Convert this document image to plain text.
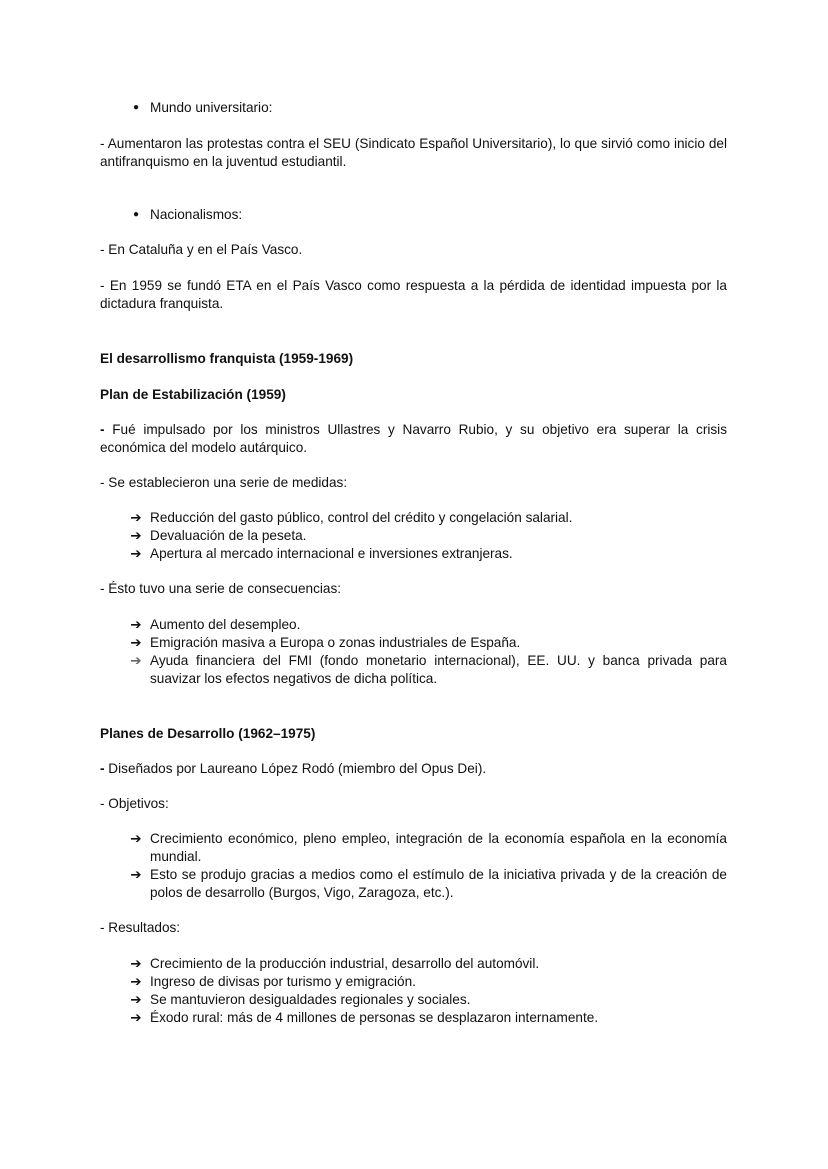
● Mundo universitario:
- Aumentaron las protestas contra el SEU (Sindicato Español Universitario), lo que sirvió como inicio del antifranquismo en la juventud estudiantil.
● Nacionalismos:
- En Cataluña y en el País Vasco.
- En 1959 se fundó ETA en el País Vasco como respuesta a la pérdida de identidad impuesta por la dictadura franquista.
El desarrollismo franquista (1959-1969)
Plan de Estabilización (1959)
- Fué impulsado por los ministros Ullastres y Navarro Rubio, y su objetivo era superar la crisis económica del modelo autárquico.
- Se establecieron una serie de medidas:
➔ Reducción del gasto público, control del crédito y congelación salarial.
➔ Devaluación de la peseta.
➔ Apertura al mercado internacional e inversiones extranjeras.
- Ésto tuvo una serie de consecuencias:
➔ Aumento del desempleo.
➔ Emigración masiva a Europa o zonas industriales de España.
➔ Ayuda financiera del FMI (fondo monetario internacional), EE. UU. y banca privada para suavizar los efectos negativos de dicha política.
Planes de Desarrollo (1962–1975)
- Diseñados por Laureano López Rodó (miembro del Opus Dei).
- Objetivos:
➔ Crecimiento económico, pleno empleo, integración de la economía española en la economía mundial.
➔ Esto se produjo gracias a medios como el estímulo de la iniciativa privada y de la creación de polos de desarrollo (Burgos, Vigo, Zaragoza, etc.).
- Resultados:
➔ Crecimiento de la producción industrial, desarrollo del automóvil.
➔ Ingreso de divisas por turismo y emigración.
➔ Se mantuvieron desigualdades regionales y sociales.
➔ Éxodo rural: más de 4 millones de personas se desplazaron internamente.
